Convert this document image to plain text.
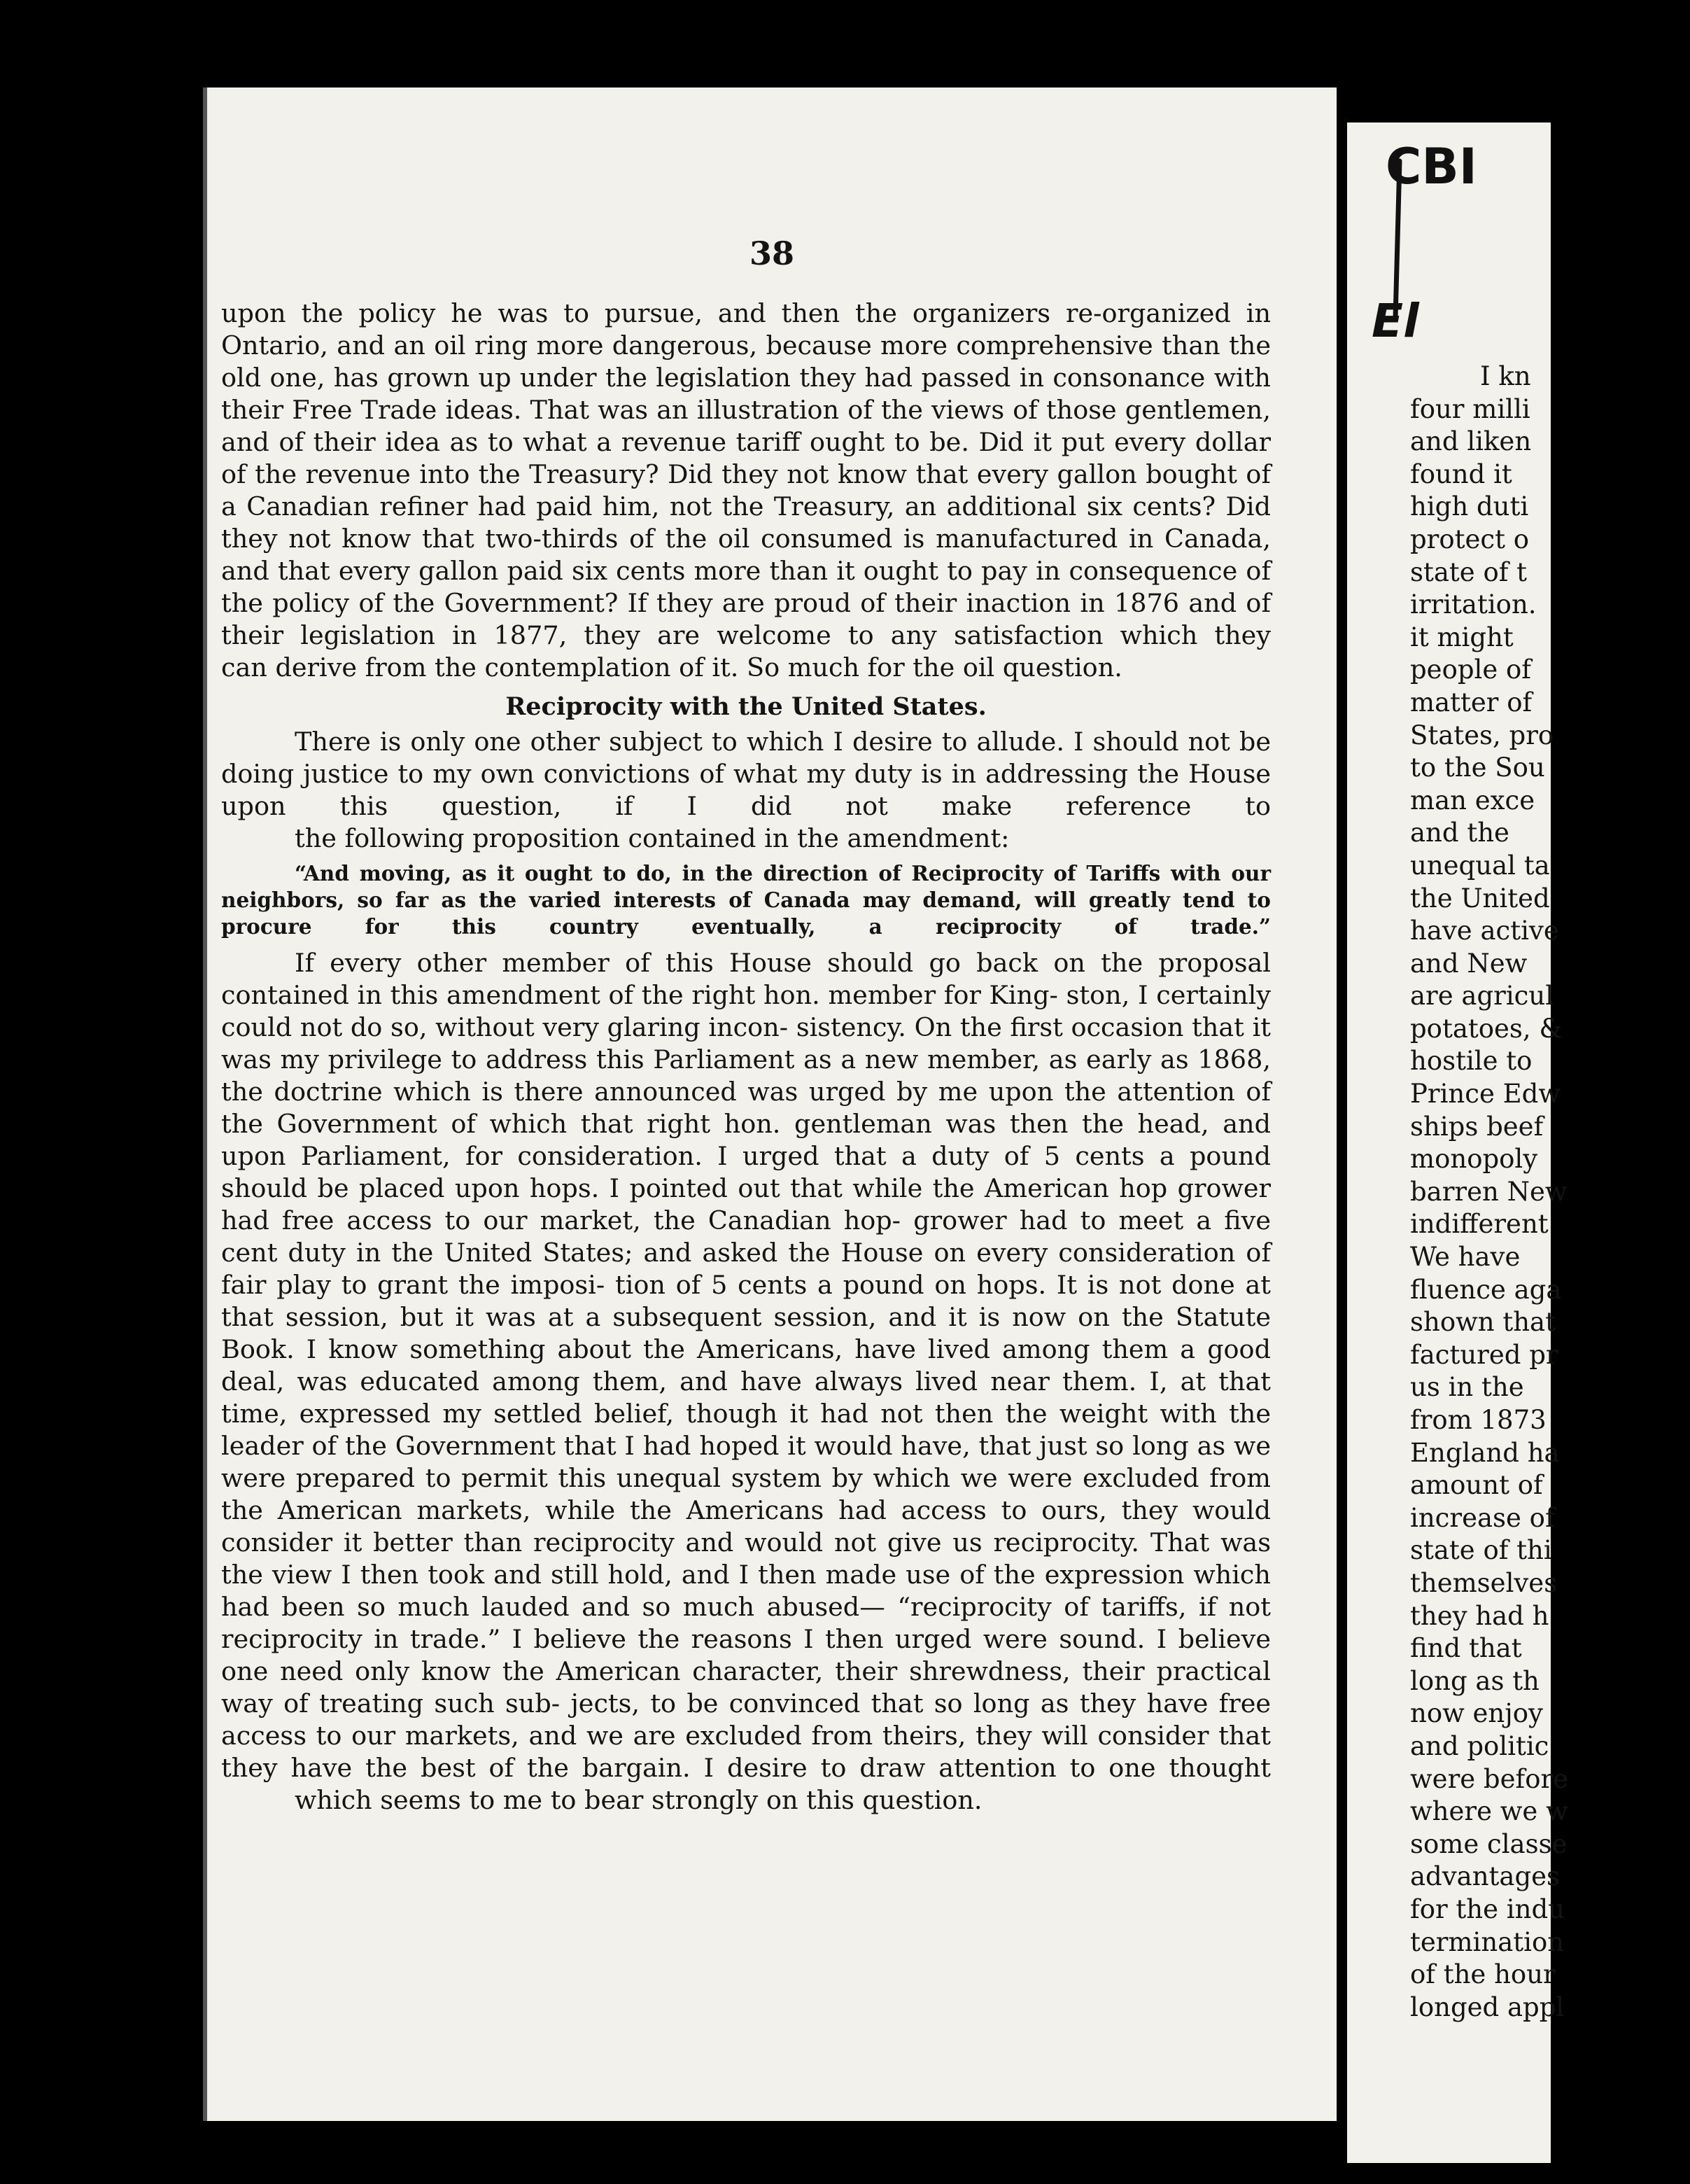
38

upon the policy he was to pursue, and then the organizers re-organized in Ontario, and an oil ring more dangerous, because more comprehensive than the old one, has grown up under the legislation they had passed in consonance with their Free Trade ideas. That was an illustration of the views of those gentlemen, and of their idea as to what a revenue tariff ought to be. Did it put every dollar of the revenue into the Treasury? Did they not know that every gallon bought of a Canadian refiner had paid him, not the Treasury, an additional six cents? Did they not know that two-thirds of the oil consumed is manufactured in Canada, and that every gallon paid six cents more than it ought to pay in consequence of the policy of the Government? If they are proud of their inaction in 1876 and of their legislation in 1877, they are welcome to any satisfaction which they
can derive from the contemplation of it. So much for the oil question.

Reciprocity with the United States.

There is only one other subject to which I desire to allude. I should not be doing justice to my own convictions of what my duty is in addressing the House upon this question, if I did not make reference to
the following proposition contained in the amendment:

“And moving, as it ought to do, in the direction of Reciprocity of Tariffs with our neighbors, so far as the varied interests of Canada may demand, will greatly tend to procure for this country eventually, a reciprocity of trade.”

If every other member of this House should go back on the proposal contained in this amendment of the right hon. member for King- ston, I certainly could not do so, without very glaring incon- sistency. On the first occasion that it was my privilege to address this Parliament as a new member, as early as 1868, the doctrine which is there announced was urged by me upon the attention of the Government of which that right hon. gentleman was then the head, and upon Parliament, for consideration. I urged that a duty of 5 cents a pound should be placed upon hops. I pointed out that while the American hop grower had free access to our market, the Canadian hop- grower had to meet a five cent duty in the United States; and asked the House on every consideration of fair play to grant the imposi- tion of 5 cents a pound on hops. It is not done at that session, but it was at a subsequent session, and it is now on the Statute Book. I know something about the Americans, have lived among them a good deal, was educated among them, and have always lived near them. I, at that time, expressed my settled belief, though it had not then the weight with the leader of the Government that I had hoped it would have, that just so long as we were prepared to permit this unequal system by which we were excluded from the American markets, while the Americans had access to ours, they would consider it better than reciprocity and would not give us reciprocity. That was the view I then took and still hold, and I then made use of the expression which had been so much lauded and so much abused— “reciprocity of tariffs, if not reciprocity in trade.” I believe the reasons I then urged were sound. I believe one need only know the American character, their shrewdness, their practical way of treating such sub- jects, to be convinced that so long as they have free access to our markets, and we are excluded from theirs, they will consider that they have the best of the bargain. I desire to draw attention to one thought
which seems to me to bear strongly on this question.

CBI
El
I kn
four milli
and liken
found it
high duti
protect o
state of t
irritation.
it might
people of
matter of
States, pro
to the Sou
man exce
and the
unequal ta
the United
have active
and New
are agricul
potatoes, &
hostile to
Prince Edw
ships beef
monopoly
barren New
indifferent
We have
fluence aga
shown that
factured pr
us in the
from 1873
England ha
amount of
increase of
state of thi
themselves
they had h
find that
long as th
now enjoy
and politic
were before
where we w
some classe
advantages
for the indu
termination
of the hour
longed appl
